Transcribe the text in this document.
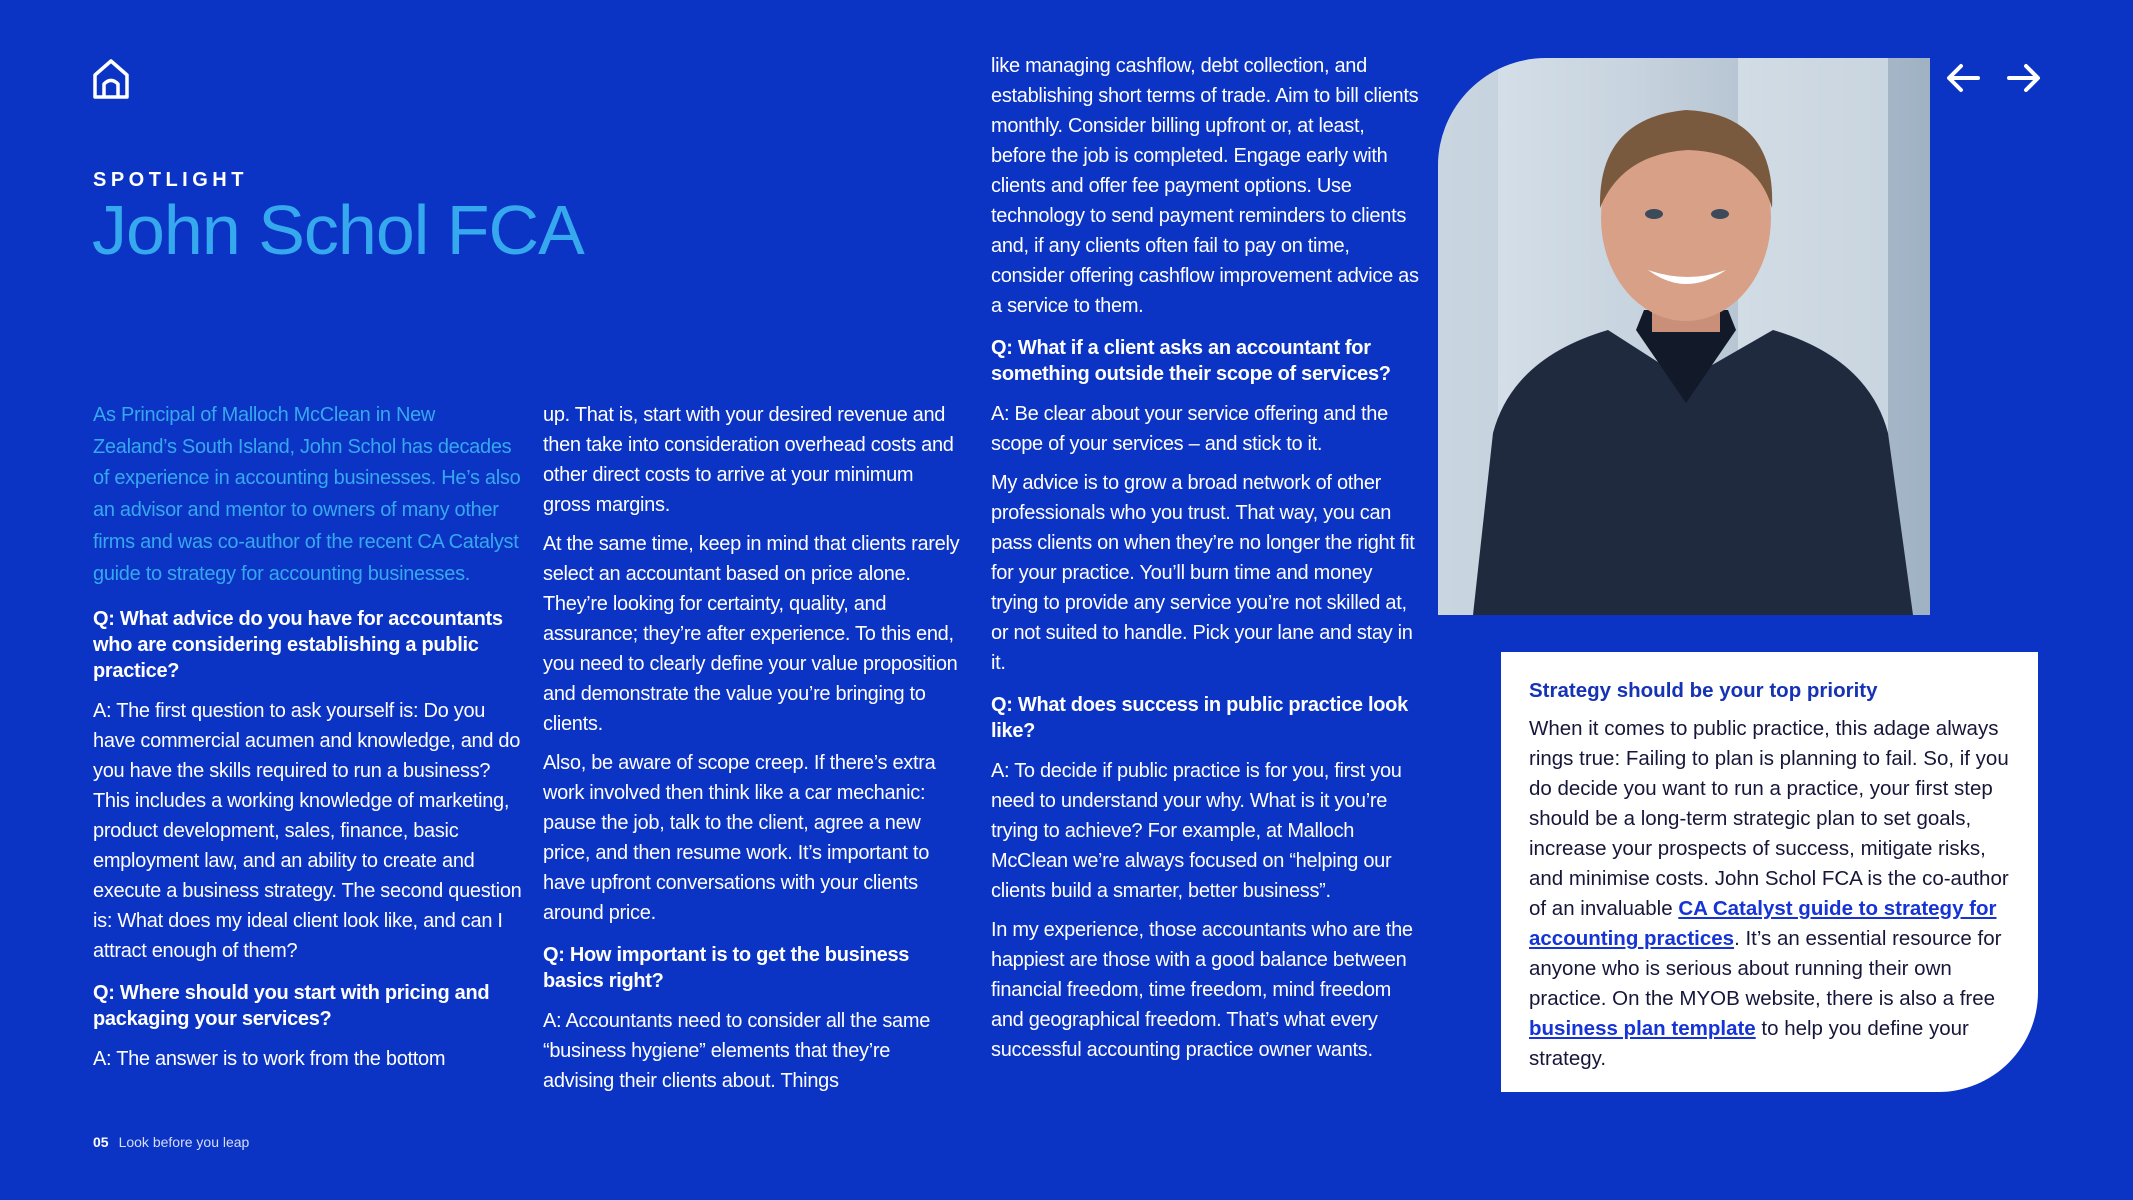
SPOTLIGHT
John Schol FCA

As Principal of Malloch McClean in New Zealand’s South Island, John Schol has decades of experience in accounting businesses. He’s also an advisor and mentor to owners of many other firms and was co-author of the recent CA Catalyst guide to strategy for accounting businesses.

Q: What advice do you have for accountants who are considering establishing a public practice?

A: The first question to ask yourself is: Do you have commercial acumen and knowledge, and do you have the skills required to run a business? This includes a working knowledge of marketing, product development, sales, finance, basic employment law, and an ability to create and execute a business strategy. The second question is: What does my ideal client look like, and can I attract enough of them?

Q: Where should you start with pricing and packaging your services?

A: The answer is to work from the bottom

up. That is, start with your desired revenue and then take into consideration overhead costs and other direct costs to arrive at your minimum gross margins.

At the same time, keep in mind that clients rarely select an accountant based on price alone. They’re looking for certainty, quality, and assurance; they’re after experience. To this end, you need to clearly define your value proposition and demonstrate the value you’re bringing to clients.

Also, be aware of scope creep. If there’s extra work involved then think like a car mechanic: pause the job, talk to the client, agree a new price, and then resume work. It’s important to have upfront conversations with your clients around price.

Q: How important is to get the business basics right?

A: Accountants need to consider all the same “business hygiene” elements that they’re advising their clients about. Things

like managing cashflow, debt collection, and establishing short terms of trade. Aim to bill clients monthly. Consider billing upfront or, at least, before the job is completed. Engage early with clients and offer fee payment options. Use technology to send payment reminders to clients and, if any clients often fail to pay on time, consider offering cashflow improvement advice as a service to them.

Q: What if a client asks an accountant for something outside their scope of services?

A: Be clear about your service offering and the scope of your services – and stick to it.

My advice is to grow a broad network of other professionals who you trust. That way, you can pass clients on when they’re no longer the right fit for your practice. You’ll burn time and money trying to provide any service you’re not skilled at, or not suited to handle. Pick your lane and stay in it.

Q: What does success in public practice look like?

A: To decide if public practice is for you, first you need to understand your why. What is it you’re trying to achieve? For example, at Malloch McClean we’re always focused on “helping our clients build a smarter, better business”.

In my experience, those accountants who are the happiest are those with a good balance between financial freedom, time freedom, mind freedom and geographical freedom. That’s what every successful accounting practice owner wants.

Strategy should be your top priority

When it comes to public practice, this adage always rings true: Failing to plan is planning to fail. So, if you do decide you want to run a practice, your first step should be a long-term strategic plan to set goals, increase your prospects of success, mitigate risks, and minimise costs. John Schol FCA is the co-author of an invaluable CA Catalyst guide to strategy for accounting practices. It’s an essential resource for anyone who is serious about running their own practice. On the MYOB website, there is also a free business plan template to help you define your strategy.

05 Look before you leap
